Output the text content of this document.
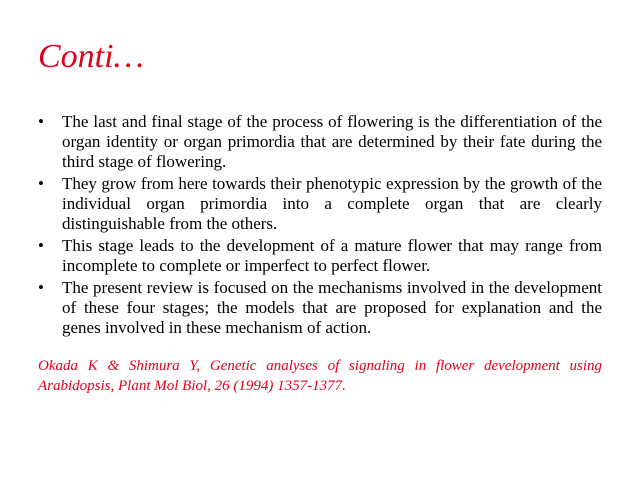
Conti…
•	The last and final stage of the process of flowering is the differentiation of the organ identity or organ primordia that are determined by their fate during the third stage of flowering.
•	They grow from here towards their phenotypic expression by the growth of the individual organ primordia into a complete organ that are clearly distinguishable from the others.
•	This stage leads to the development of a mature flower that may range from incomplete to complete or imperfect to perfect flower.
•	The present review is focused on the mechanisms involved in the development of these four stages; the models that are proposed for explanation and the genes involved in these mechanism of action.
Okada K & Shimura Y, Genetic analyses of signaling in flower development using Arabidopsis, Plant Mol Biol, 26 (1994) 1357-1377.
